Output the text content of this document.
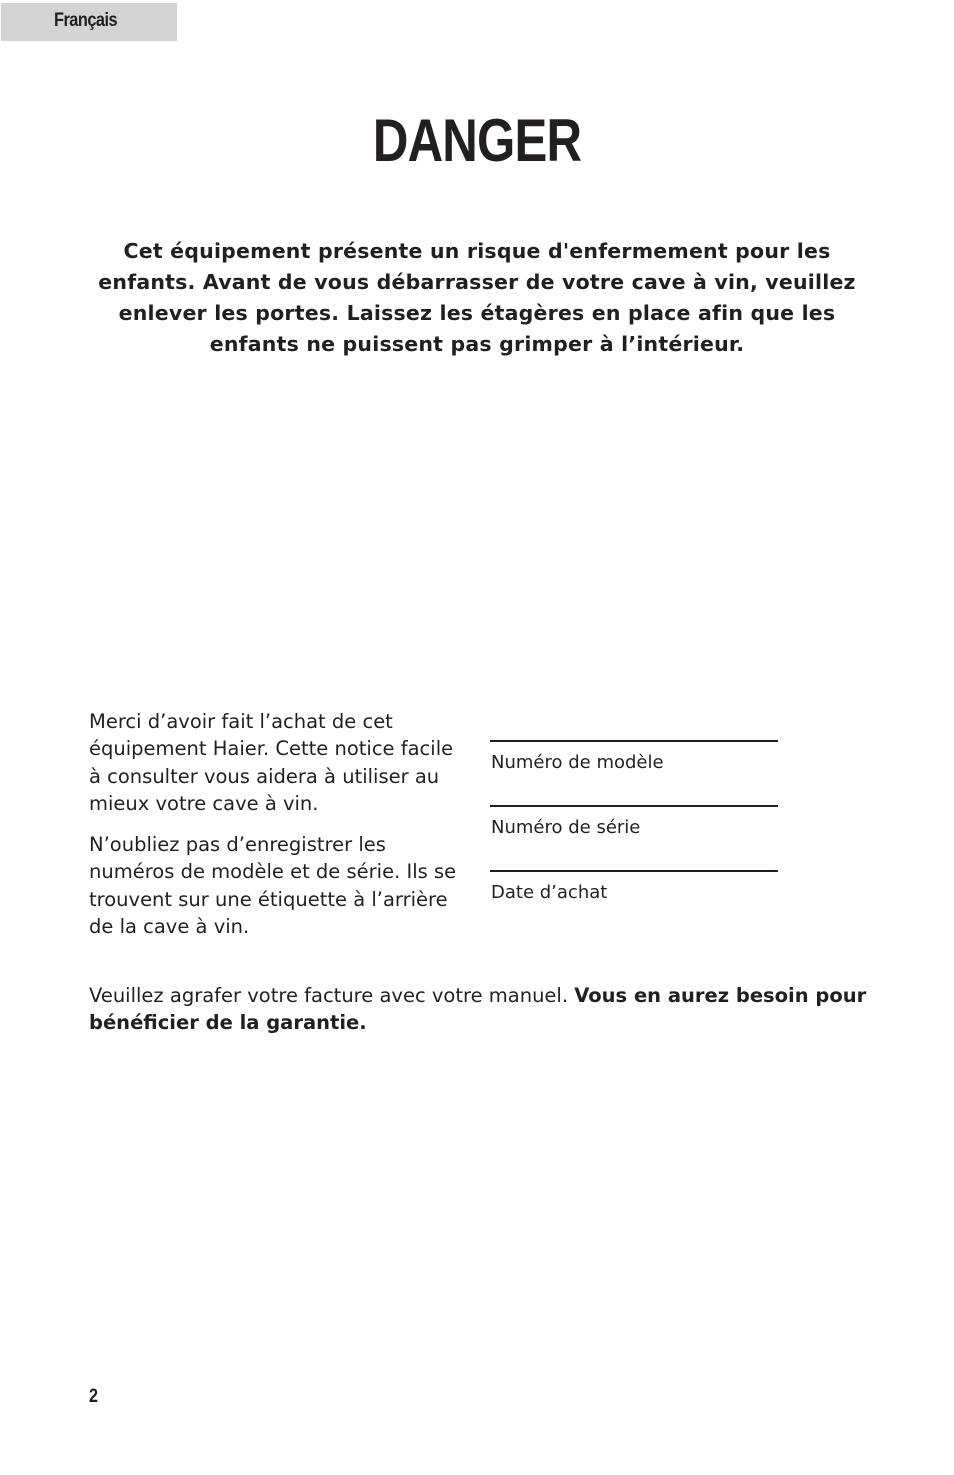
Français
DANGER
Cet équipement présente un risque d'enfermement pour les enfants. Avant de vous débarrasser de votre cave à vin, veuillez enlever les portes. Laissez les étagères en place afin que les enfants ne puissent pas grimper à l’intérieur.

Merci d’avoir fait l’achat de cet équipement Haier. Cette notice facile à consulter vous aidera à utiliser au mieux votre cave à vin.

N’oubliez pas d’enregistrer les numéros de modèle et de série. Ils se trouvent sur une étiquette à l’arrière de la cave à vin.

Numéro de modèle
Numéro de série
Date d’achat
Veuillez agrafer votre facture avec votre manuel. Vous en aurez besoin pour bénéficier de la garantie.
2
